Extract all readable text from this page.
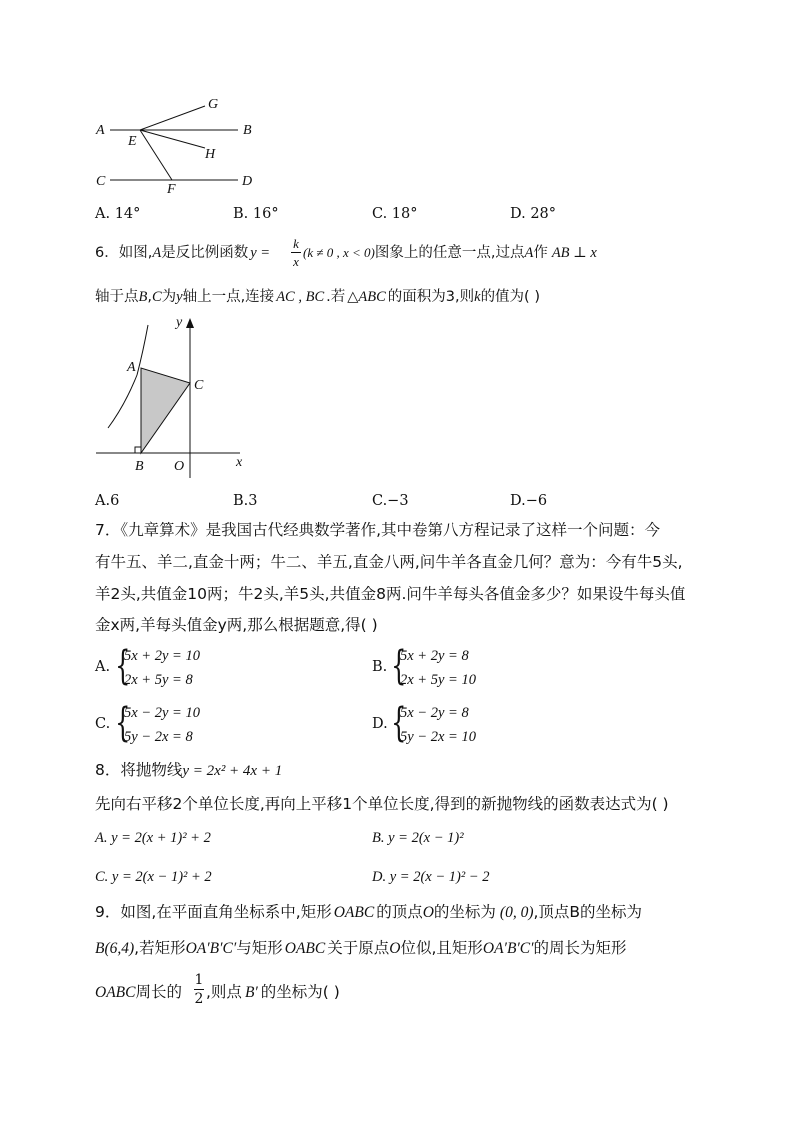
A	B
C	D
E
F
G
H
y
x
A
B
C
O
A. 14°	B. 16°	C. 18°	D. 28°
6．如图,A是反比例函数 y =
k
x
(k ≠ 0 , x < 0)图象上的任意一点,过点A作 AB ⊥ x
轴于点B,C为y轴上一点,连接 AC , BC .若 △ABC 的面积为3,则k的值为( )
A.6	B.3	C.−3	D.−6
7．《九章算术》是我国古代经典数学著作,其中卷第八方程记录了这样一个问题：今
有牛五、羊二,直金十两；牛二、羊五,直金八两,问牛羊各直金几何？意为：今有牛5头,
羊2头,共值金10两；牛2头,羊5头,共值金8两.问牛羊每头各值金多少？如果设牛每头值
金x两,羊每头值金y两,那么根据题意,得( )
A. {
5x + 2y = 10
2x + 5y = 8
B. {
5x + 2y = 8
2x + 5y = 10
C. {
5x − 2y = 10
5y − 2x = 8
D. {
5x − 2y = 8
5y − 2x = 10
8．将抛物线y = 2x² + 4x + 1
先向右平移2个单位长度,再向上平移1个单位长度,得到的新抛物线的函数表达式为( )
A. y = 2(x + 1)² + 2	B. y = 2(x − 1)²
C. y = 2(x − 1)² + 2	D. y = 2(x − 1)² − 2
9．如图,在平面直角坐标系中,矩形 OABC 的顶点O的坐标为 (0, 0),顶点B的坐标为
B(6,4),若矩形OA′B′C′与矩形 OABC 关于原点O位似,且矩形OA′B′C′的周长为矩形
OABC周长的
1
2 ,则点 B′ 的坐标为( )
